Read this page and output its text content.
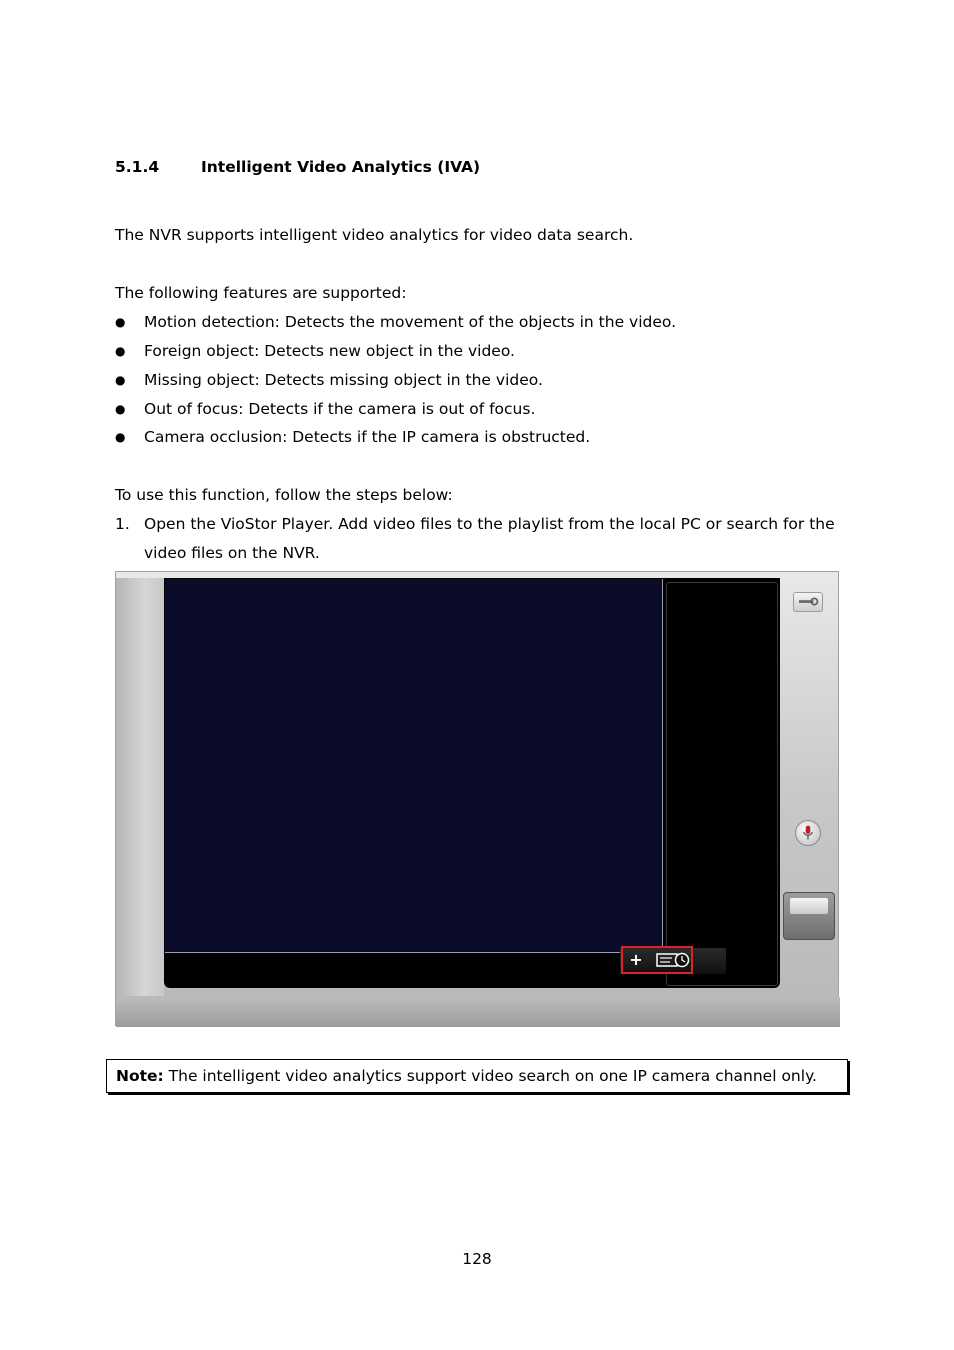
5.1.4	Intelligent Video Analytics (IVA)
The NVR supports intelligent video analytics for video data search.
The following features are supported:
● Motion detection: Detects the movement of the objects in the video.
● Foreign object: Detects new object in the video.
● Missing object: Detects missing object in the video.
● Out of focus: Detects if the camera is out of focus.
● Camera occlusion: Detects if the IP camera is obstructed.
To use this function, follow the steps below:
1. Open the VioStor Player. Add video files to the playlist from the local PC or search for the video files on the NVR.
+
Note: The intelligent video analytics support video search on one IP camera channel only.
128
